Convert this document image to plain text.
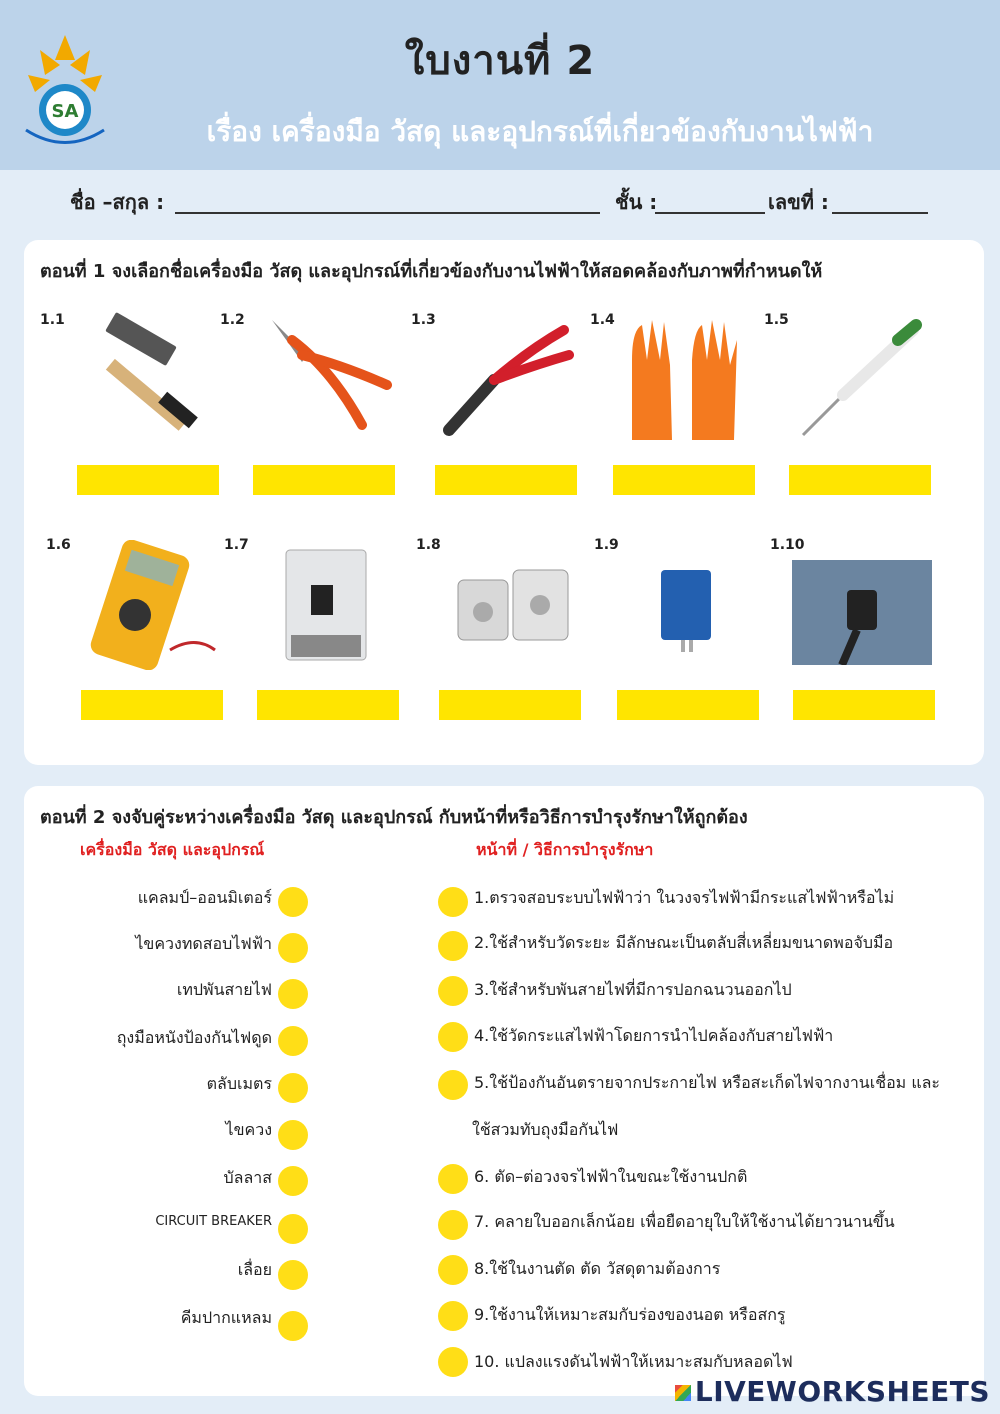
SA
ใบงานที่ 2
เรื่อง เครื่องมือ วัสดุ และอุปกรณ์ที่เกี่ยวข้องกับงานไฟฟ้า
ชื่อ –สกุล :	ชั้น :	เลขที่ :
ตอนที่ 1 จงเลือกชื่อเครื่องมือ วัสดุ และอุปกรณ์ที่เกี่ยวข้องกับงานไฟฟ้าให้สอดคล้องกับภาพที่กำหนดให้
1.1	1.2	1.3	1.4	1.5
1.6	1.7	1.8	1.9	1.10
ตอนที่ 2 จงจับคู่ระหว่างเครื่องมือ วัสดุ และอุปกรณ์ กับหน้าที่หรือวิธีการบำรุงรักษาให้ถูกต้อง
เครื่องมือ วัสดุ และอุปกรณ์	หน้าที่ / วิธีการบำรุงรักษา
แคลมป์–ออนมิเตอร์
ไขควงทดสอบไฟฟ้า
เทปพันสายไฟ
ถุงมือหนังป้องกันไฟดูด
ตลับเมตร
ไขควง
บัลลาส
CIRCUIT BREAKER
เลื่อย
คีมปากแหลม
1.ตรวจสอบระบบไฟฟ้าว่า ในวงจรไฟฟ้ามีกระแสไฟฟ้าหรือไม่
2.ใช้สำหรับวัดระยะ มีลักษณะเป็นตลับสี่เหลี่ยมขนาดพอจับมือ
3.ใช้สำหรับพันสายไฟที่มีการปอกฉนวนออกไป
4.ใช้วัดกระแสไฟฟ้าโดยการนำไปคล้องกับสายไฟฟ้า
5.ใช้ป้องกันอันตรายจากประกายไฟ หรือสะเก็ดไฟจากงานเชื่อม และ
ใช้สวมทับถุงมือกันไฟ
6. ตัด–ต่อวงจรไฟฟ้าในขณะใช้งานปกติ
7. คลายใบออกเล็กน้อย เพื่อยืดอายุใบให้ใช้งานได้ยาวนานขึ้น
8.ใช้ในงานตัด ตัด วัสดุตามต้องการ
9.ใช้งานให้เหมาะสมกับร่องของนอต หรือสกรู
10. แปลงแรงดันไฟฟ้าให้เหมาะสมกับหลอดไฟ
LIVEWORKSHEETS
